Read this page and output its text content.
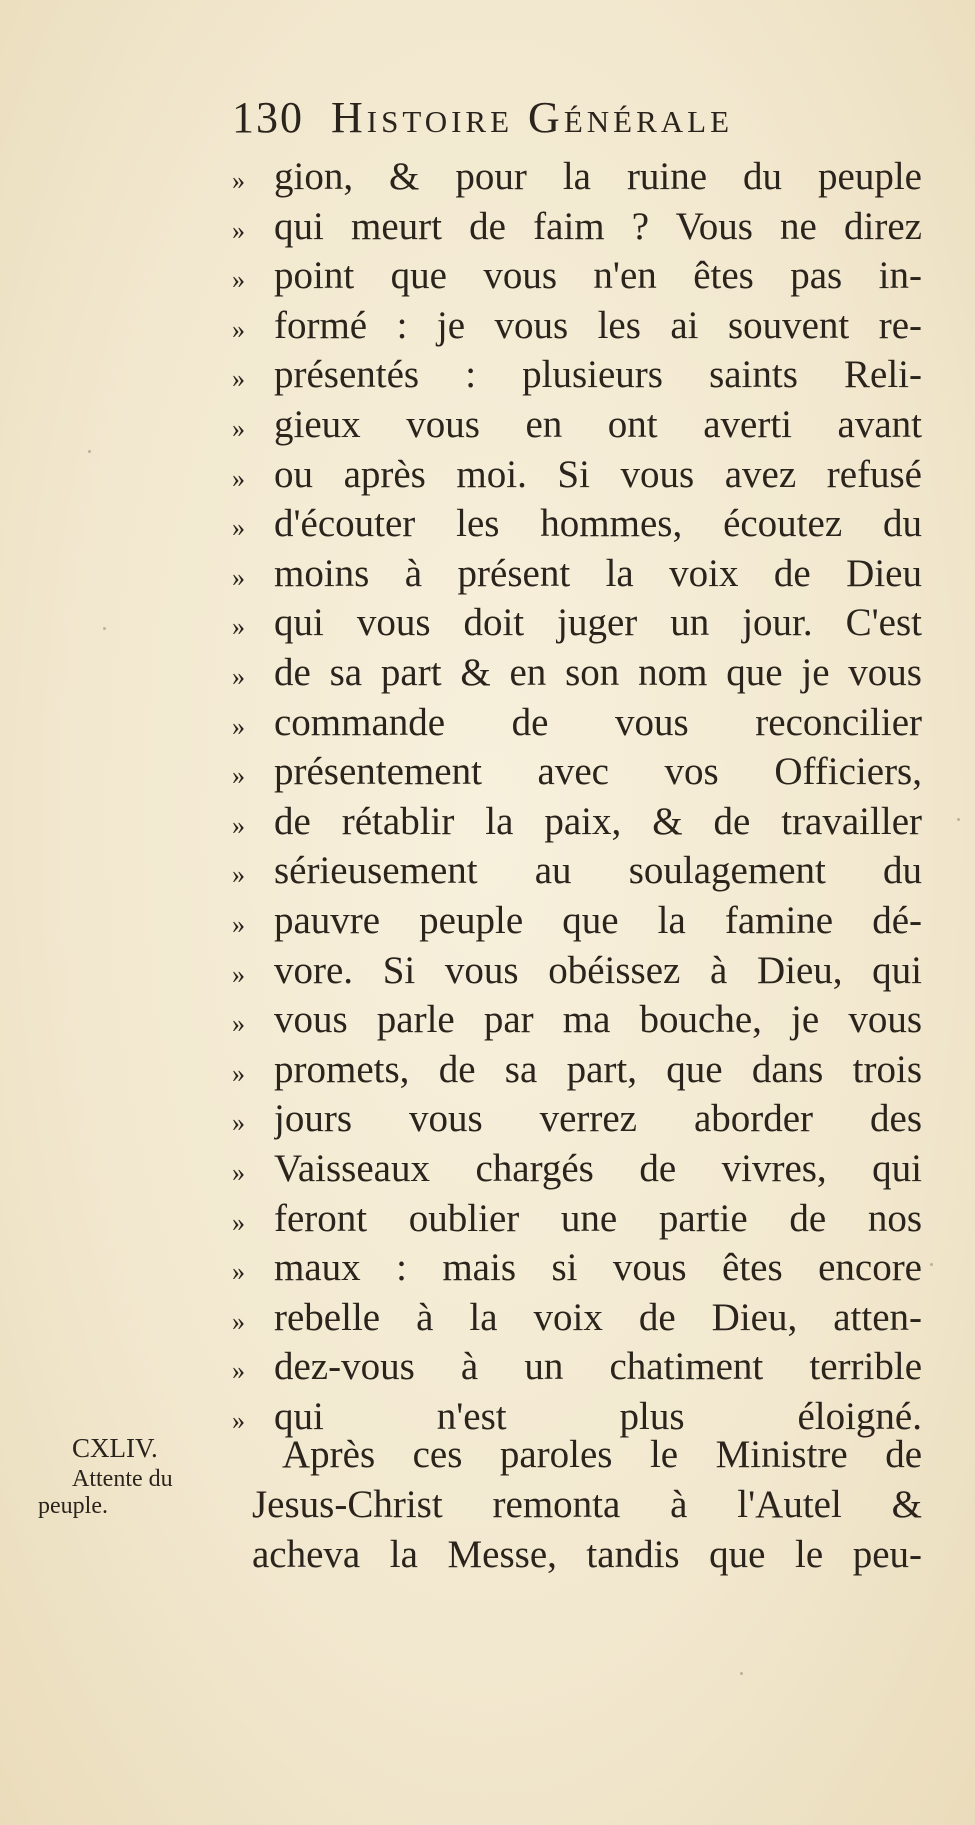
130 Histoire Générale
» gion, & pour la ruine du peuple
» qui meurt de faim ? Vous ne direz
» point que vous n'en êtes pas in-
» formé : je vous les ai souvent re-
» présentés : plusieurs saints Reli-
» gieux vous en ont averti avant
» ou après moi. Si vous avez refusé
» d'écouter les hommes, écoutez du
» moins à présent la voix de Dieu
» qui vous doit juger un jour. C'est
» de sa part & en son nom que je vous
» commande de vous reconcilier
» présentement avec vos Officiers,
» de rétablir la paix, & de travailler
» sérieusement au soulagement du
» pauvre peuple que la famine dé-
» vore. Si vous obéissez à Dieu, qui
» vous parle par ma bouche, je vous
» promets, de sa part, que dans trois
» jours vous verrez aborder des
» Vaisseaux chargés de vivres, qui
» feront oublier une partie de nos
» maux : mais si vous êtes encore
» rebelle à la voix de Dieu, atten-
» dez-vous à un chatiment terrible
» qui n'est plus éloigné.
Après ces paroles le Ministre de
Jesus-Christ remonta à l'Autel &
acheva la Messe, tandis que le peu-
CXLIV.
Attente du
peuple.
